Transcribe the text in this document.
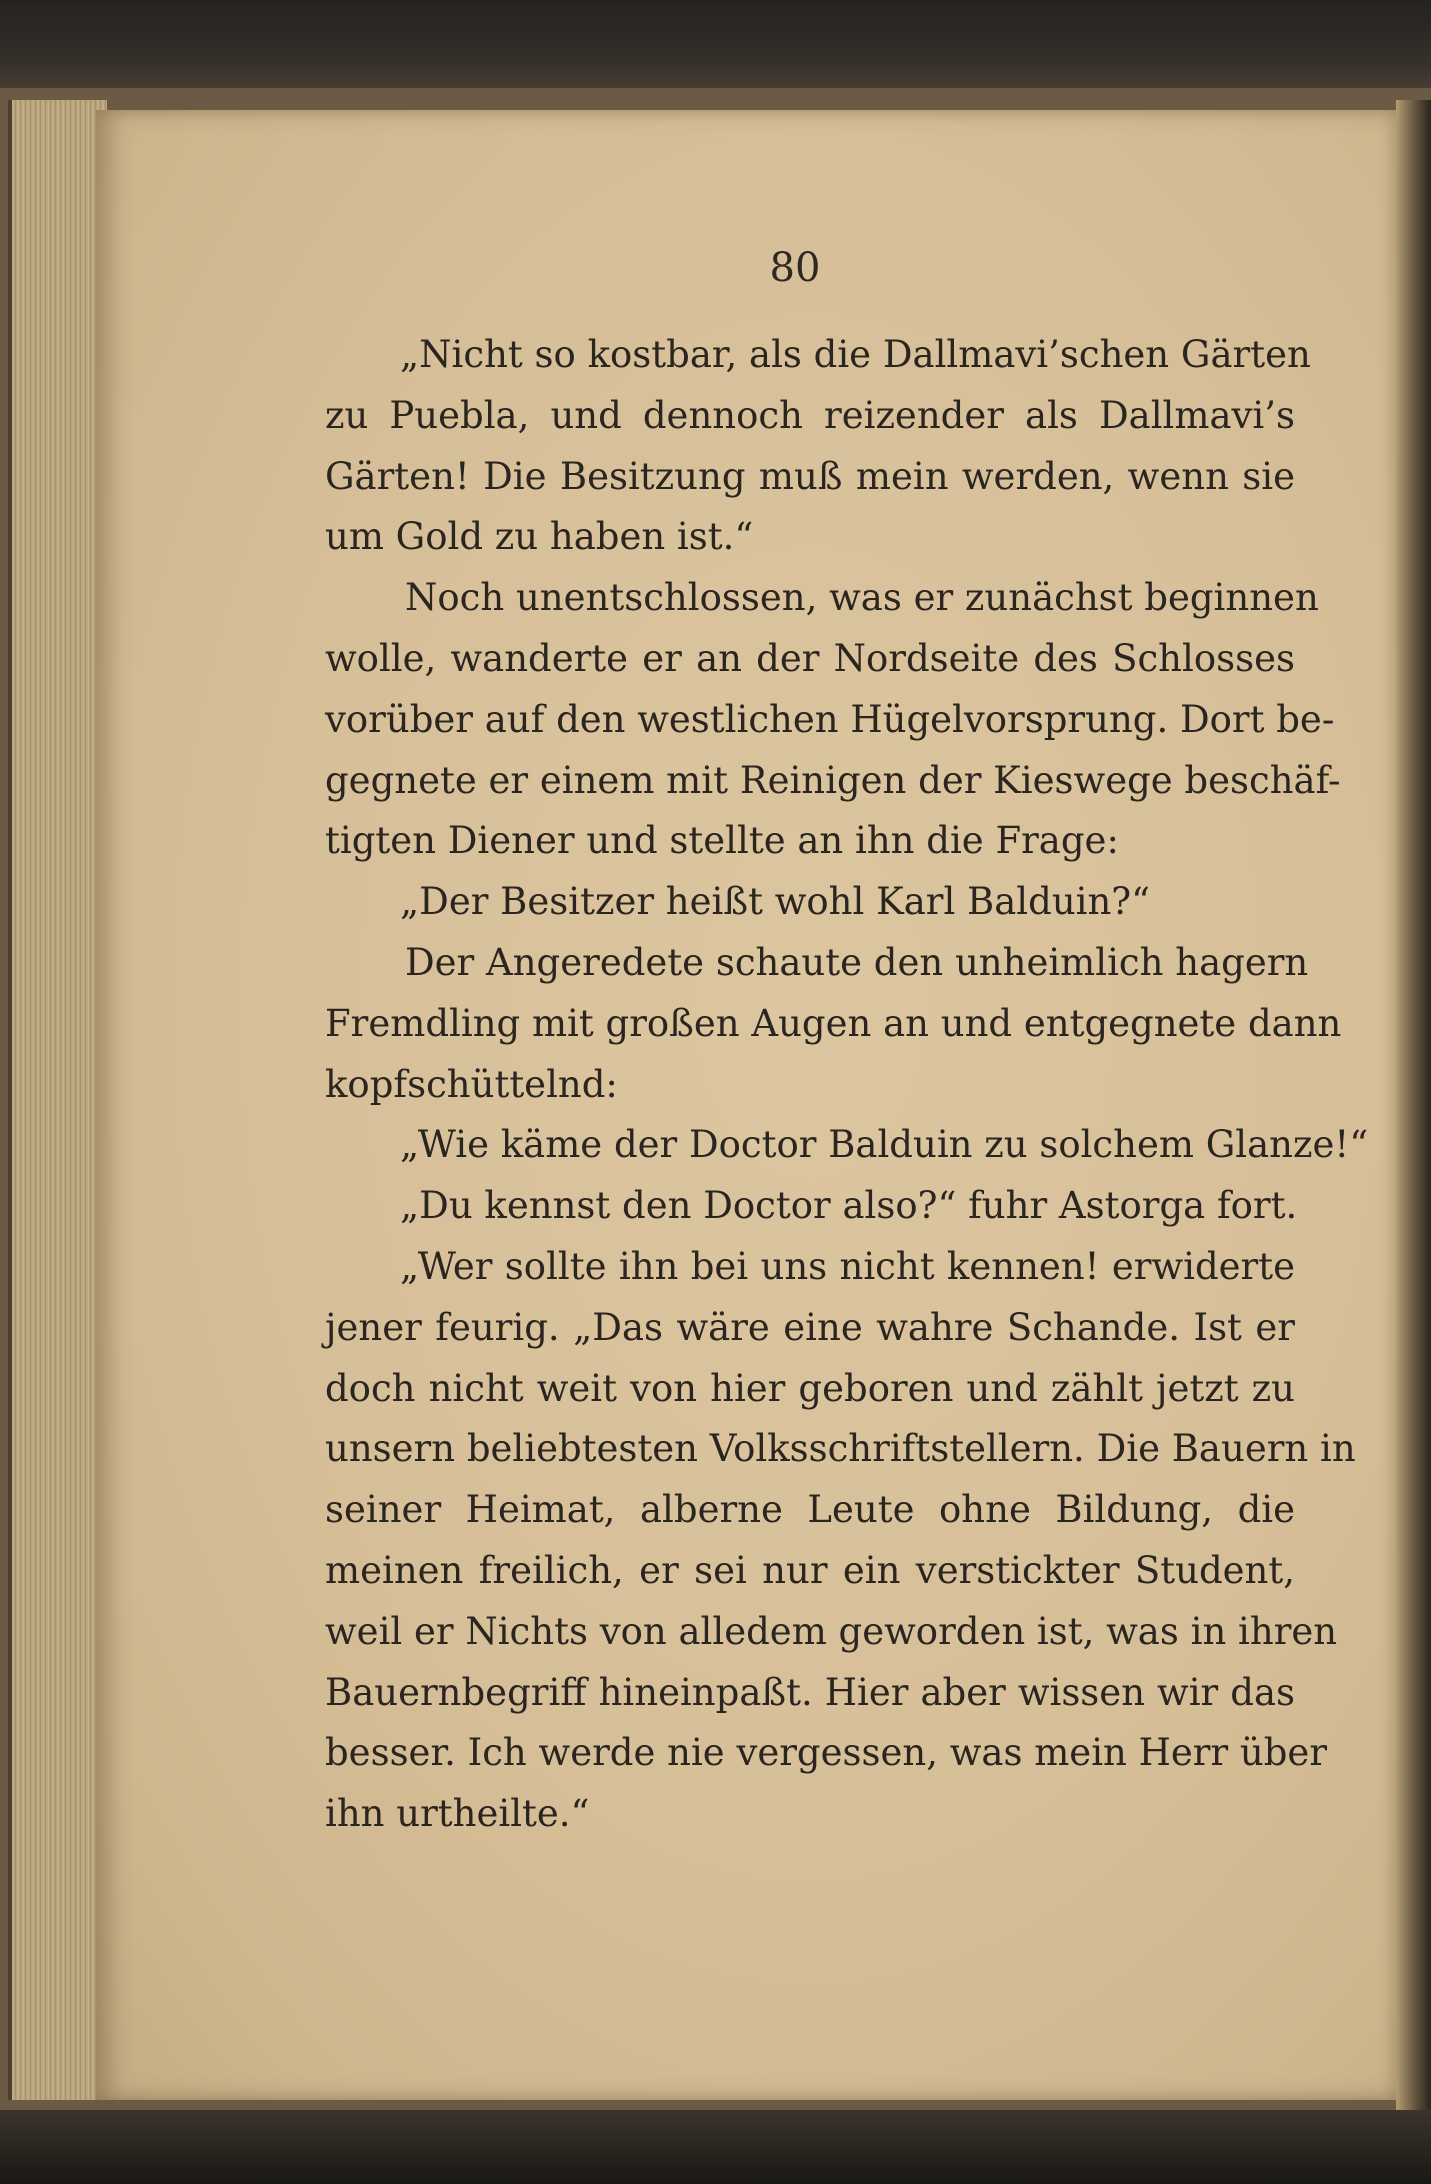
80
„Nicht so kostbar, als die Dallmavi’schen Gärten
zu Puebla, und dennoch reizender als Dallmavi’s
Gärten! Die Besitzung muß mein werden, wenn sie
um Gold zu haben ist.“
Noch unentschlossen, was er zunächst beginnen
wolle, wanderte er an der Nordseite des Schlosses
vorüber auf den westlichen Hügelvorsprung. Dort be-
gegnete er einem mit Reinigen der Kieswege beschäf-
tigten Diener und stellte an ihn die Frage:
„Der Besitzer heißt wohl Karl Balduin?“
Der Angeredete schaute den unheimlich hagern
Fremdling mit großen Augen an und entgegnete dann
kopfschüttelnd:
„Wie käme der Doctor Balduin zu solchem Glanze!“
„Du kennst den Doctor also?“ fuhr Astorga fort.
„Wer sollte ihn bei uns nicht kennen! erwiderte
jener feurig. „Das wäre eine wahre Schande. Ist er
doch nicht weit von hier geboren und zählt jetzt zu
unsern beliebtesten Volksschriftstellern. Die Bauern in
seiner Heimat, alberne Leute ohne Bildung, die
meinen freilich, er sei nur ein verstickter Student,
weil er Nichts von alledem geworden ist, was in ihren
Bauernbegriff hineinpaßt. Hier aber wissen wir das
besser. Ich werde nie vergessen, was mein Herr über
ihn urtheilte.“
